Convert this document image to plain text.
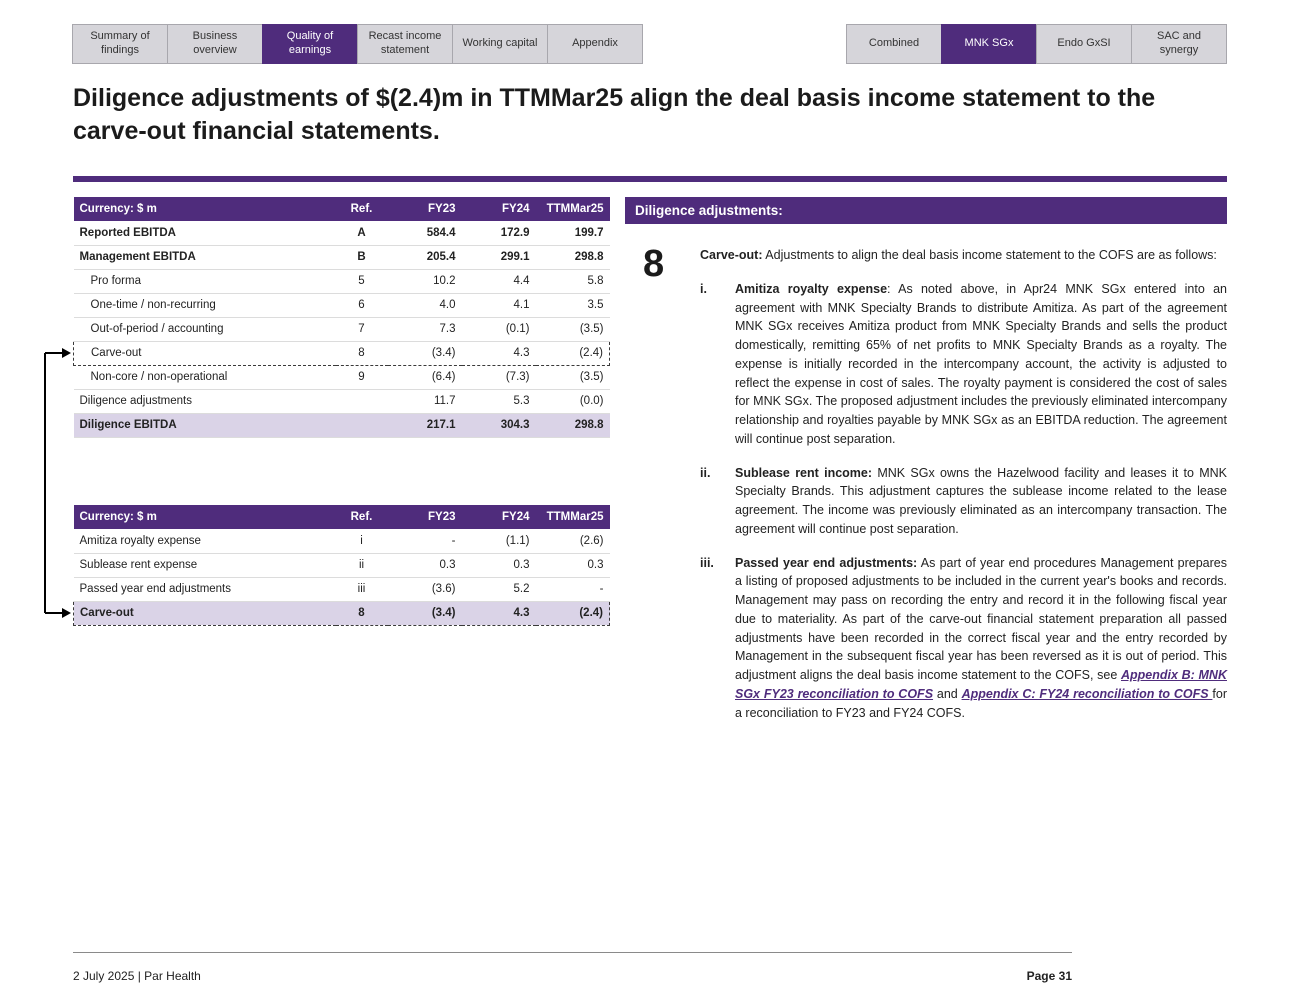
Summary of findings
Business overview
Quality of earnings
Recast income statement
Working capital	Appendix	Combined	MNK SGx	Endo GxSI
SAC and synergy
Diligence adjustments of $(2.4)m in TTMMar25 align the deal basis income statement to the carve-out financial statements.
Currency: $ m	Ref.	FY23	FY24	TTMMar25
Reported EBITDA	A	584.4	172.9	199.7
Management EBITDA	B	205.4	299.1	298.8
Pro forma	5	10.2	4.4	5.8
One-time / non-recurring	6	4.0	4.1	3.5
Out-of-period / accounting	7	7.3	(0.1)	(3.5)
Carve-out	8	(3.4)	4.3	(2.4)
Non-core / non-operational	9	(6.4)	(7.3)	(3.5)
Diligence adjustments		11.7	5.3	(0.0)
Diligence EBITDA		217.1	304.3	298.8
Currency: $ m	Ref.	FY23	FY24	TTMMar25
Amitiza royalty expense	i	-	(1.1)	(2.6)
Sublease rent expense	ii	0.3	0.3	0.3
Passed year end adjustments	iii	(3.6)	5.2	-
Carve-out	8	(3.4)	4.3	(2.4)
Diligence adjustments:
8	Carve-out: Adjustments to align the deal basis income statement to the COFS are as follows:

i.	Amitiza royalty expense: As noted above, in Apr24 MNK SGx entered into an agreement with MNK Specialty Brands to distribute Amitiza. As part of the agreement MNK SGx receives Amitiza product from MNK Specialty Brands and sells the product domestically, remitting 65% of net profits to MNK Specialty Brands as a royalty. The expense is initially recorded in the intercompany account, the activity is adjusted to reflect the expense in cost of sales. The royalty payment is considered the cost of sales for MNK SGx. The proposed adjustment includes the previously eliminated intercompany relationship and royalties payable by MNK SGx as an EBITDA reduction. The agreement will continue post separation.

ii.	Sublease rent income: MNK SGx owns the Hazelwood facility and leases it to MNK Specialty Brands. This adjustment captures the sublease income related to the lease agreement. The income was previously eliminated as an intercompany transaction. The agreement will continue post separation.

iii.	Passed year end adjustments: As part of year end procedures Management prepares a listing of proposed adjustments to be included in the current year's books and records. Management may pass on recording the entry and record it in the following fiscal year due to materiality. As part of the carve-out financial statement preparation all passed adjustments have been recorded in the correct fiscal year and the entry recorded by Management in the subsequent fiscal year has been reversed as it is out of period. This adjustment aligns the deal basis income statement to the COFS, see Appendix B: MNK SGx FY23 reconciliation to COFS and Appendix C: FY24 reconciliation to COFS for a reconciliation to FY23 and FY24 COFS.

2 July 2025 | Par Health	Page 31
